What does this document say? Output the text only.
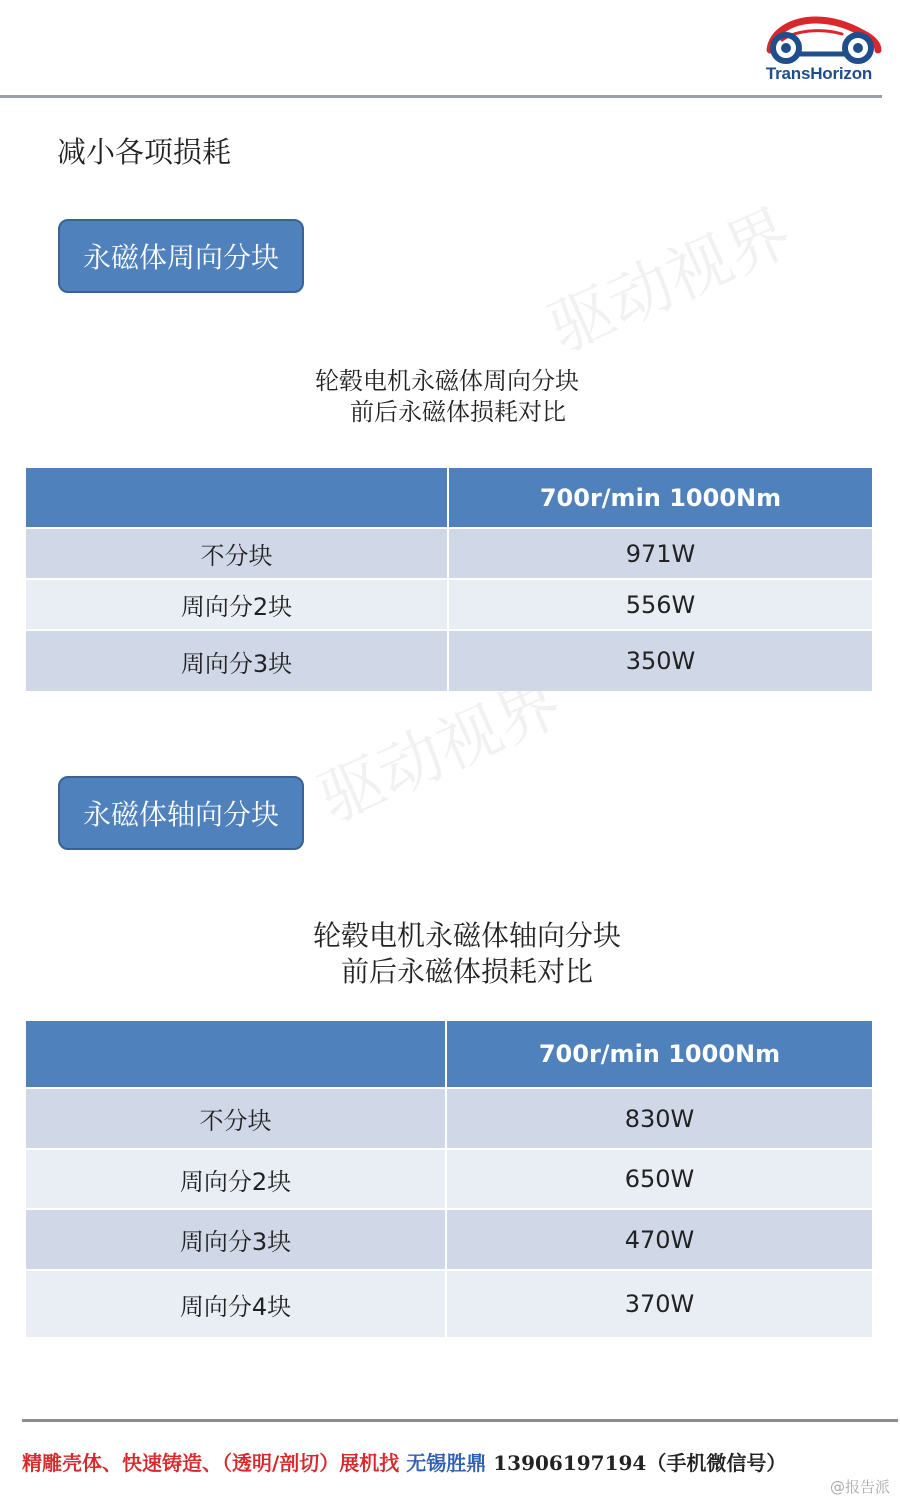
TransHorizon
驱动视界
驱动视界
减小各项损耗
永磁体周向分块
轮毂电机永磁体周向分块
前后永磁体损耗对比
	700r/min 1000Nm
不分块	971W
周向分2块	556W
周向分3块	350W
永磁体轴向分块
轮毂电机永磁体轴向分块
前后永磁体损耗对比
	700r/min 1000Nm
不分块	830W
周向分2块	650W
周向分3块	470W
周向分4块	370W
精雕壳体、快速铸造、（透明/剖切）展机找 无锡胜鼎 13906197194（手机微信号）
@报告派
